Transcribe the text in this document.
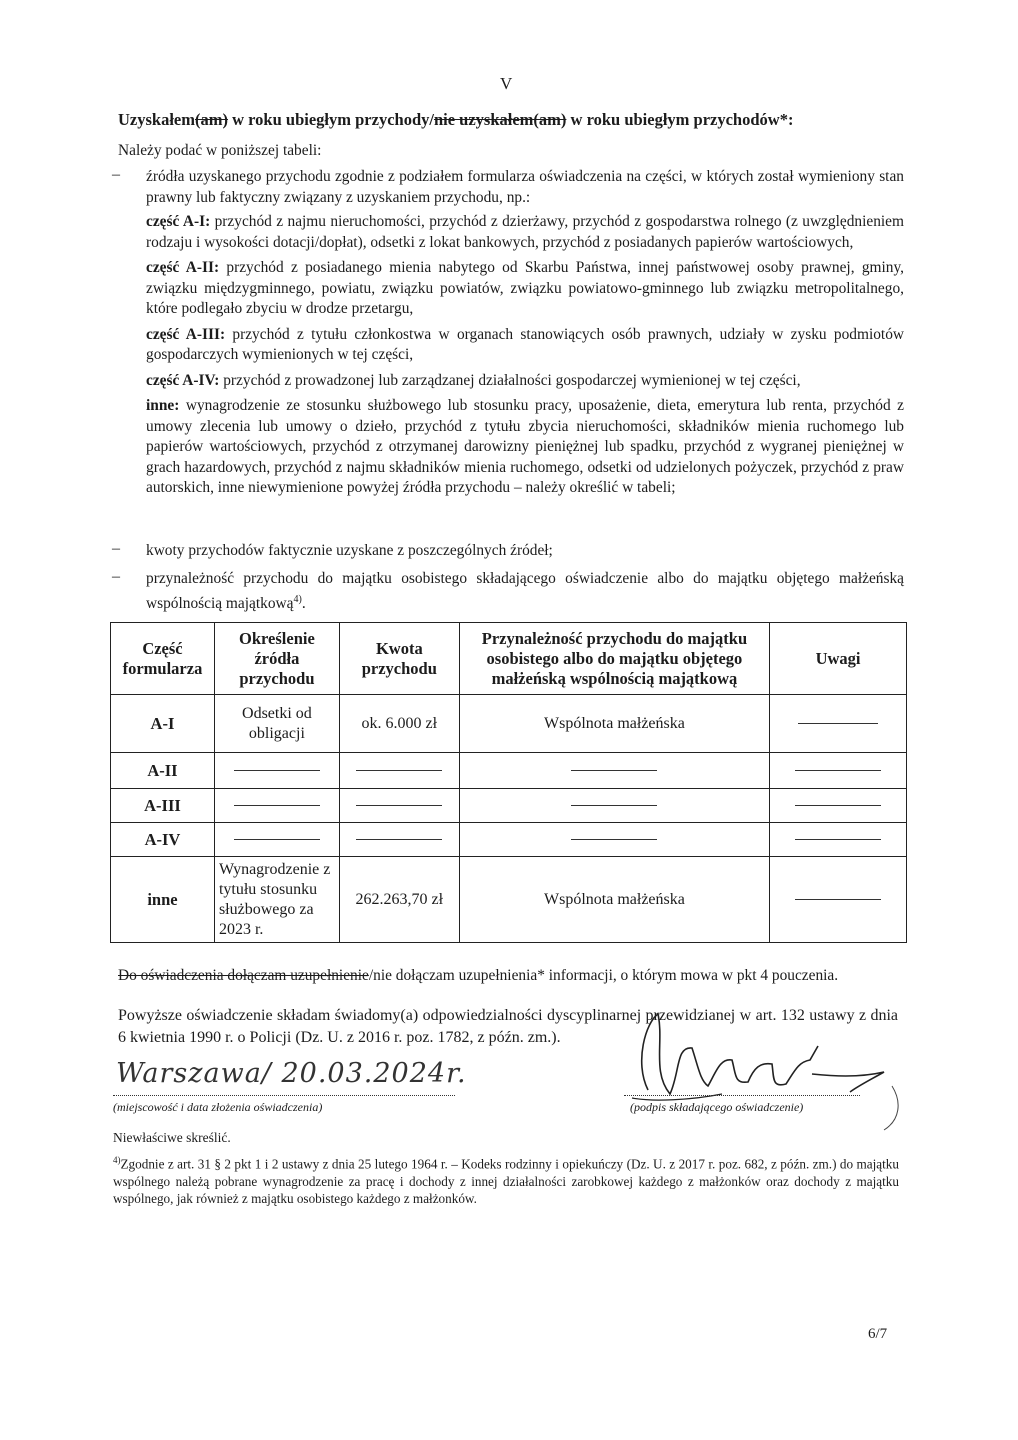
V
Uzyskałem(am) w roku ubiegłym przychody/nie uzyskałem(am) w roku ubiegłym przychodów*:
Należy podać w poniższej tabeli:
– źródła uzyskanego przychodu zgodnie z podziałem formularza oświadczenia na części, w których został wymieniony stan prawny lub faktyczny związany z uzyskaniem przychodu, np.:
część A-I: przychód z najmu nieruchomości, przychód z dzierżawy, przychód z gospodarstwa rolnego (z uwzględnieniem rodzaju i wysokości dotacji/dopłat), odsetki z lokat bankowych, przychód z posiadanych papierów wartościowych,
część A-II: przychód z posiadanego mienia nabytego od Skarbu Państwa, innej państwowej osoby prawnej, gminy, związku międzygminnego, powiatu, związku powiatów, związku powiatowo-gminnego lub związku metropolitalnego, które podlegało zbyciu w drodze przetargu,
część A-III: przychód z tytułu członkostwa w organach stanowiących osób prawnych, udziały w zysku podmiotów gospodarczych wymienionych w tej części,
część A-IV: przychód z prowadzonej lub zarządzanej działalności gospodarczej wymienionej w tej części,
inne: wynagrodzenie ze stosunku służbowego lub stosunku pracy, uposażenie, dieta, emerytura lub renta, przychód z umowy zlecenia lub umowy o dzieło, przychód z tytułu zbycia nieruchomości, składników mienia ruchomego lub papierów wartościowych, przychód z otrzymanej darowizny pieniężnej lub spadku, przychód z wygranej pieniężnej w grach hazardowych, przychód z najmu składników mienia ruchomego, odsetki od udzielonych pożyczek, przychód z praw autorskich, inne niewymienione powyżej źródła przychodu – należy określić w tabeli;
– kwoty przychodów faktycznie uzyskane z poszczególnych źródeł;
– przynależność przychodu do majątku osobistego składającego oświadczenie albo do majątku objętego małżeńską wspólnością majątkową$^{4)}$.
Część formularza	Określenie źródła przychodu	Kwota przychodu	Przynależność przychodu do majątku osobistego albo do majątku objętego małżeńską wspólnością majątkową	Uwagi
A-I	Odsetki od obligacji	ok. 6.000 zł	Wspólnota małżeńska	
A-II				
A-III				
A-IV				
inne	Wynagrodzenie z tytułu stosunku służbowego za 2023 r.	262.263,70 zł	Wspólnota małżeńska	
Do oświadczenia dołączam uzupełnienie/nie dołączam uzupełnienia* informacji, o którym mowa w pkt 4 pouczenia.
Powyższe oświadczenie składam świadomy(a) odpowiedzialności dyscyplinarnej przewidzianej w art. 132 ustawy z dnia 6 kwietnia 1990 r. o Policji (Dz. U. z 2016 r. poz. 1782, z późn. zm.).
Warszawa/ 20.03.2024r.
(miejscowość i data złożenia oświadczenia)	(podpis składającego oświadczenie)
Niewłaściwe skreślić.
$^{4)}$Zgodnie z art. 31 § 2 pkt 1 i 2 ustawy z dnia 25 lutego 1964 r. – Kodeks rodzinny i opiekuńczy (Dz. U. z 2017 r. poz. 682, z późn. zm.) do majątku wspólnego należą pobrane wynagrodzenie za pracę i dochody z innej działalności zarobkowej każdego z małżonków oraz dochody z majątku wspólnego, jak również z majątku osobistego każdego z małżonków.
6/7
